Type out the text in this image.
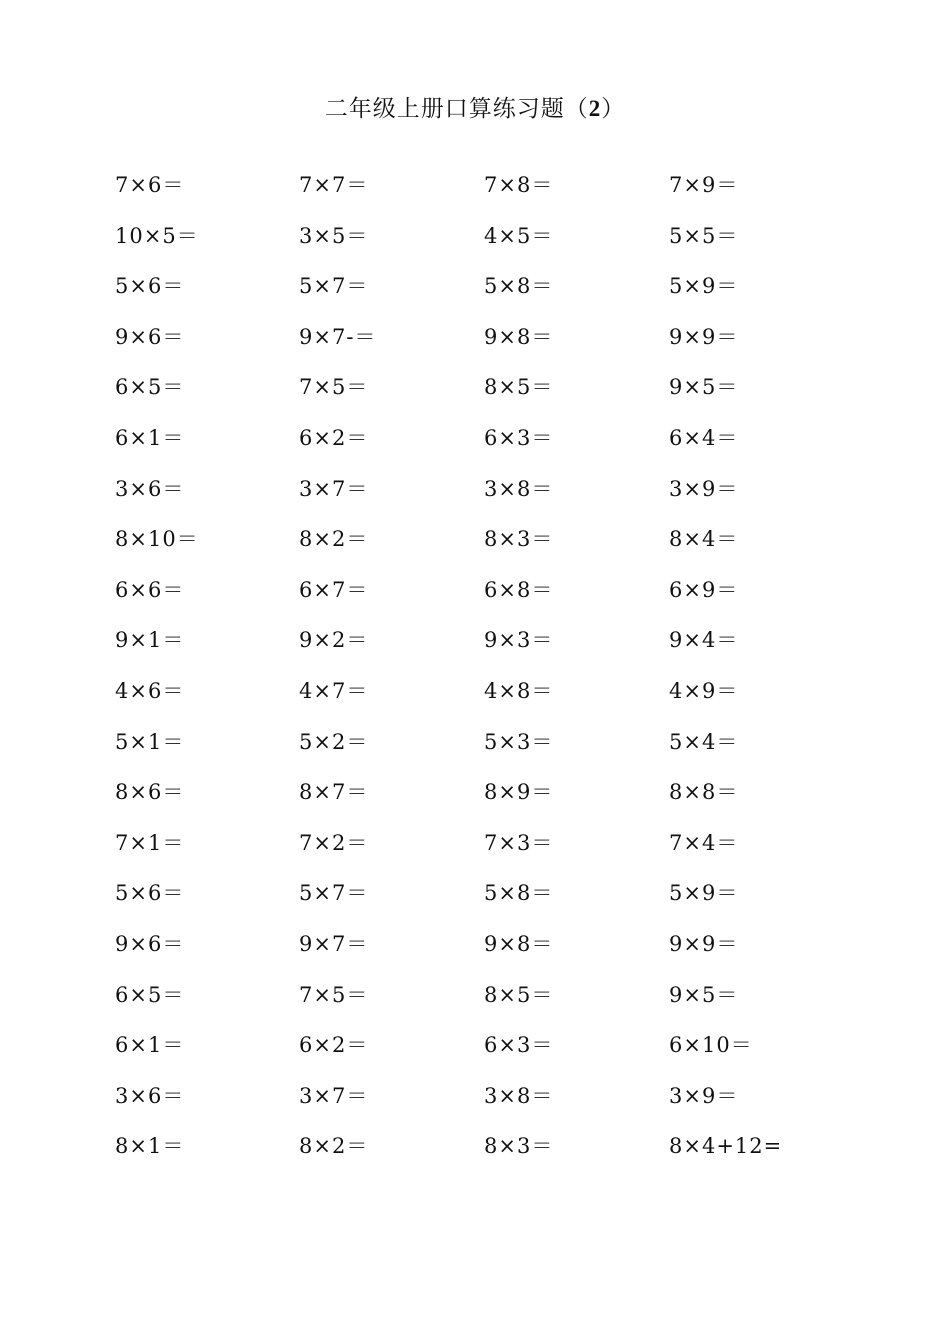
二年级上册口算练习题（2）
7×6＝	7×7＝	7×8＝	7×9＝
10×5＝	3×5＝	4×5＝	5×5＝
5×6＝	5×7＝	5×8＝	5×9＝
9×6＝	9×7-＝	9×8＝	9×9＝
6×5＝	7×5＝	8×5＝	9×5＝
6×1＝	6×2＝	6×3＝	6×4＝
3×6＝	3×7＝	3×8＝	3×9＝
8×10＝	8×2＝	8×3＝	8×4＝
6×6＝	6×7＝	6×8＝	6×9＝
9×1＝	9×2＝	9×3＝	9×4＝
4×6＝	4×7＝	4×8＝	4×9＝
5×1＝	5×2＝	5×3＝	5×4＝
8×6＝	8×7＝	8×9＝	8×8＝
7×1＝	7×2＝	7×3＝	7×4＝
5×6＝	5×7＝	5×8＝	5×9＝
9×6＝	9×7＝	9×8＝	9×9＝
6×5＝	7×5＝	8×5＝	9×5＝
6×1＝	6×2＝	6×3＝	6×10＝
3×6＝	3×7＝	3×8＝	3×9＝
8×1＝	8×2＝	8×3＝	8×4+12=
